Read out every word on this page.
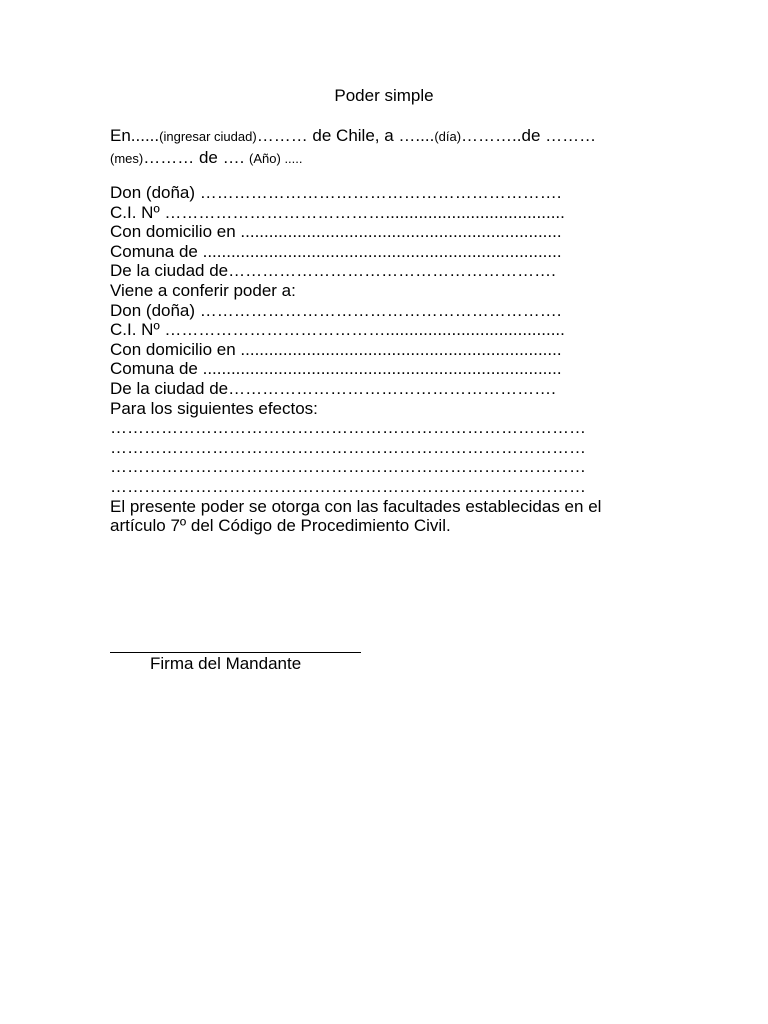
Poder simple
En......(ingresar ciudad)……… de Chile, a …....(día)………..de ………
(mes)……… de …. (Año) .....
Don (doña) ……………………………………………………….
C.I. Nº …………………………………......................................
Con domicilio en ....................................................................
Comuna de ............................................................................
De la ciudad de………………………………………………….
Viene a conferir poder a:
Don (doña) ……………………………………………………….
C.I. Nº …………………………………......................................
Con domicilio en ....................................................................
Comuna de ............................................................................
De la ciudad de………………………………………………….
Para los siguientes efectos:
…………………………………………………………………………
…………………………………………………………………………
…………………………………………………………………………
…………………………………………………………………………
El presente poder se otorga con las facultades establecidas en el artículo 7º del Código de Procedimiento Civil.
Firma del Mandante
